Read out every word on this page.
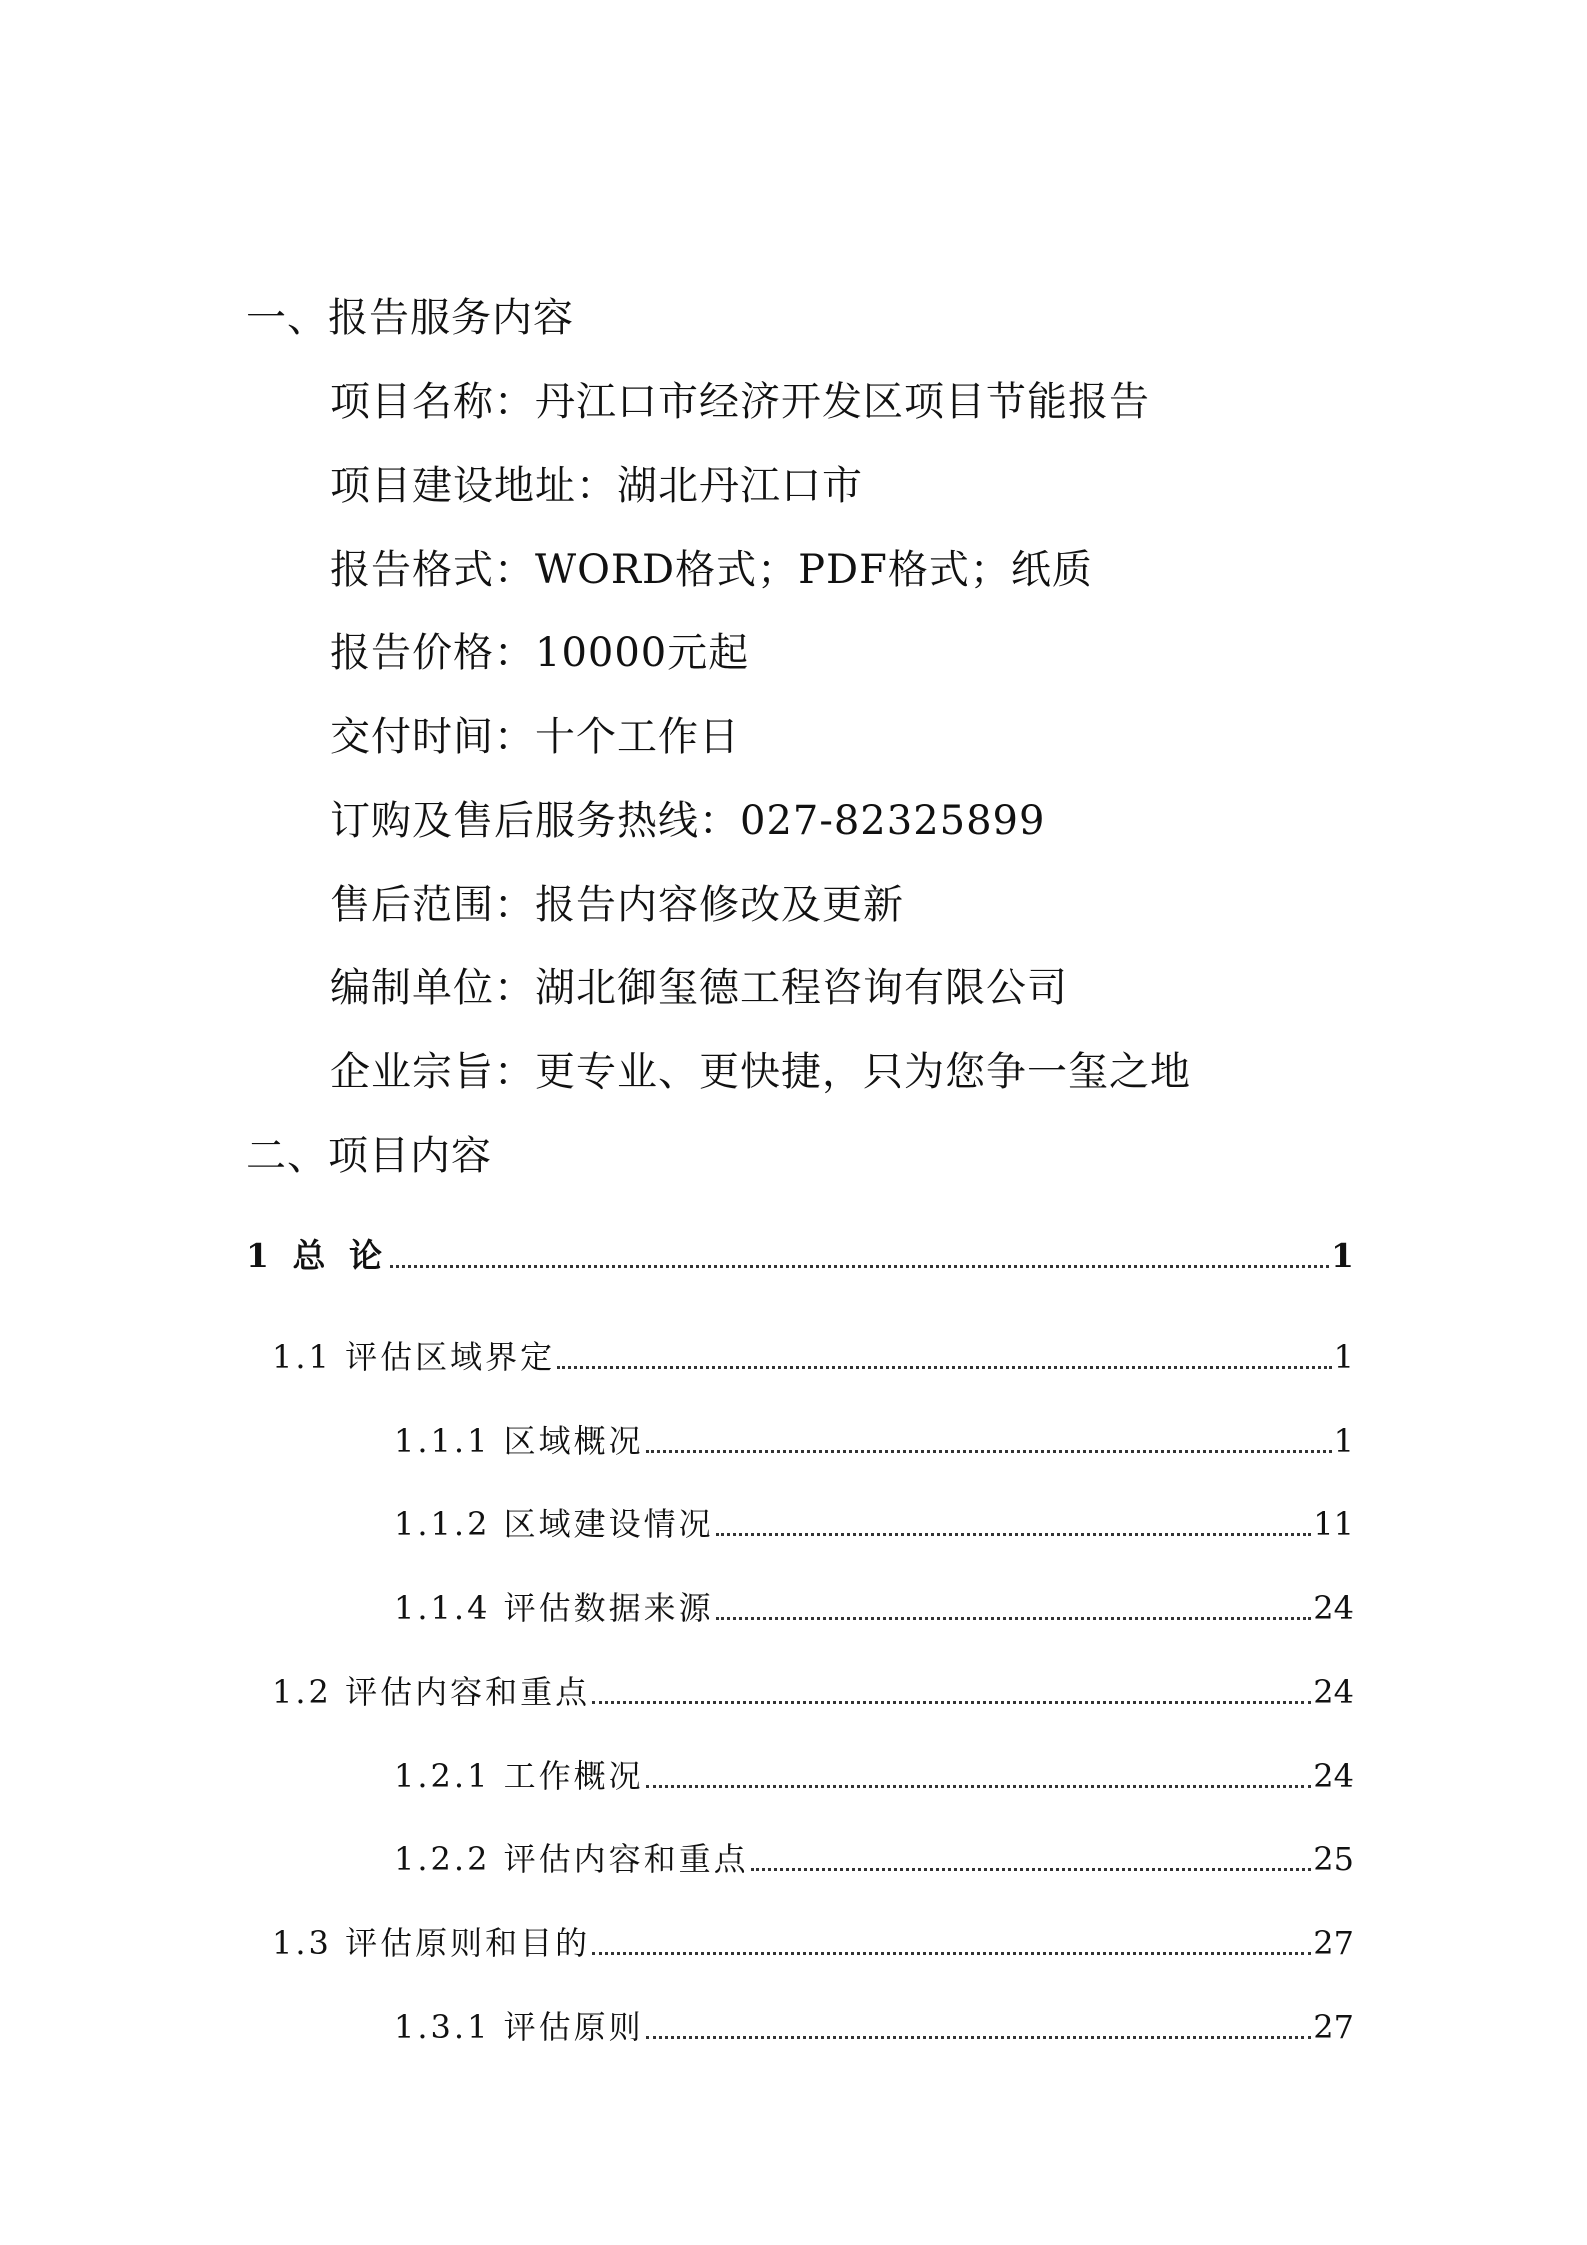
一、报告服务内容
项目名称：丹江口市经济开发区项目节能报告
项目建设地址：湖北丹江口市
报告格式：WORD格式；PDF格式；纸质
报告价格：10000元起
交付时间：十个工作日
订购及售后服务热线：027-82325899
售后范围：报告内容修改及更新
编制单位：湖北御玺德工程咨询有限公司
企业宗旨：更专业、更快捷，只为您争一玺之地
二、项目内容
1 总 论	1
1.1 评估区域界定	1
1.1.1 区域概况	1
1.1.2 区域建设情况	11
1.1.4 评估数据来源	24
1.2 评估内容和重点	24
1.2.1 工作概况	24
1.2.2 评估内容和重点	25
1.3 评估原则和目的	27
1.3.1 评估原则	27
